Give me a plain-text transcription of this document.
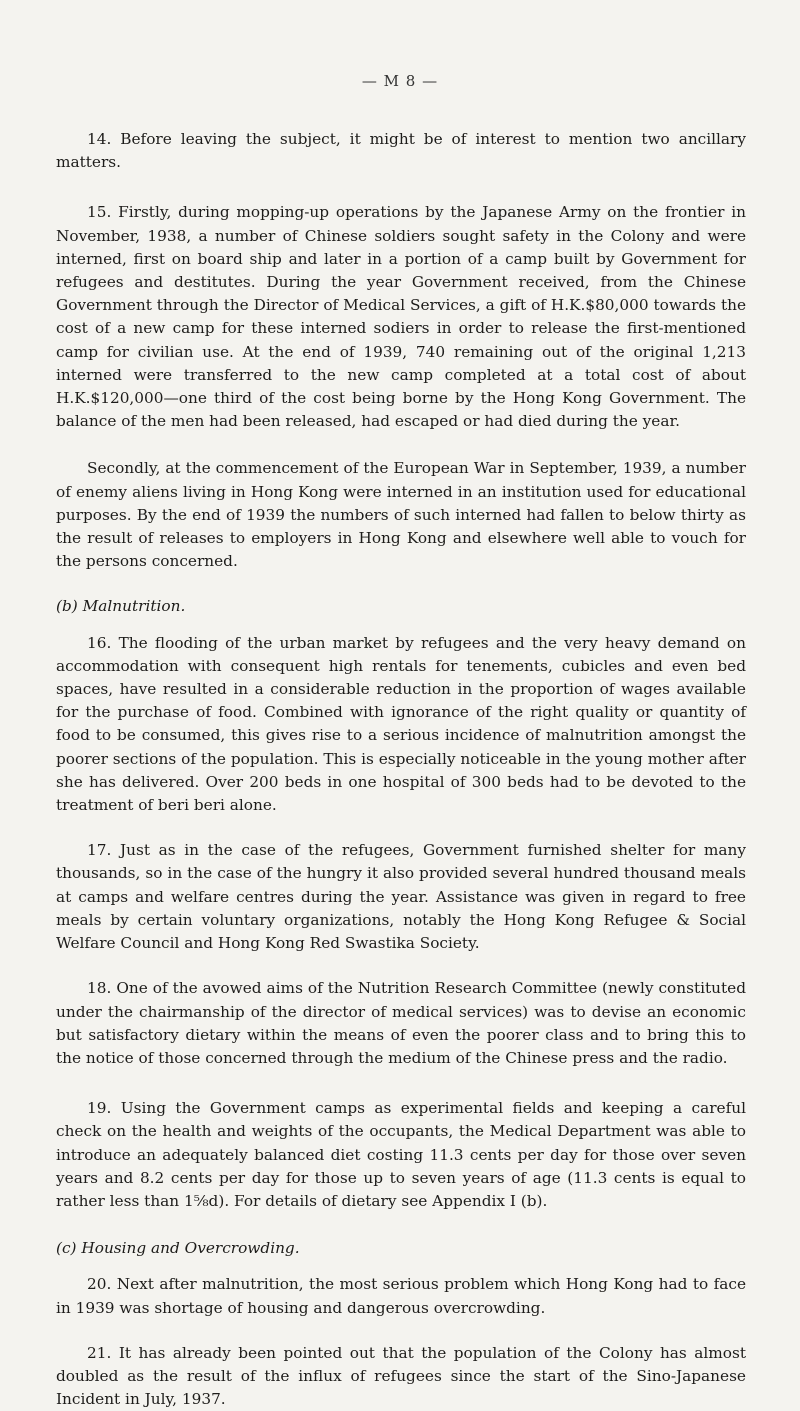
— M 8 —

14. Before leaving the subject, it might be of interest to mention two ancillary matters.

15. Firstly, during mopping-up operations by the Japanese Army on the frontier in November, 1938, a number of Chinese soldiers sought safety in the Colony and were interned, first on board ship and later in a portion of a camp built by Government for refugees and destitutes. During the year Government received, from the Chinese Government through the Director of Medical Services, a gift of H.K.$80,000 towards the cost of a new camp for these interned sodiers in order to release the first-mentioned camp for civilian use. At the end of 1939, 740 remaining out of the original 1,213 interned were transferred to the new camp completed at a total cost of about H.K.$120,000—one third of the cost being borne by the Hong Kong Government. The balance of the men had been released, had escaped or had died during the year.

Secondly, at the commencement of the European War in September, 1939, a number of enemy aliens living in Hong Kong were interned in an institution used for educational purposes. By the end of 1939 the numbers of such interned had fallen to below thirty as the result of releases to employers in Hong Kong and elsewhere well able to vouch for the persons concerned.

(b) Malnutrition.

16. The flooding of the urban market by refugees and the very heavy demand on accommodation with consequent high rentals for tenements, cubicles and even bed spaces, have resulted in a considerable reduction in the proportion of wages available for the purchase of food. Combined with ignorance of the right quality or quantity of food to be consumed, this gives rise to a serious incidence of malnutrition amongst the poorer sections of the population. This is especially noticeable in the young mother after she has delivered. Over 200 beds in one hospital of 300 beds had to be devoted to the treatment of beri beri alone.

17. Just as in the case of the refugees, Government furnished shelter for many thousands, so in the case of the hungry it also provided several hundred thousand meals at camps and welfare centres during the year. Assistance was given in regard to free meals by certain voluntary organizations, notably the Hong Kong Refugee & Social Welfare Council and Hong Kong Red Swastika Society.

18. One of the avowed aims of the Nutrition Research Committee (newly constituted under the chairmanship of the director of medical services) was to devise an economic but satisfactory dietary within the means of even the poorer class and to bring this to the notice of those concerned through the medium of the Chinese press and the radio.

19. Using the Government camps as experimental fields and keeping a careful check on the health and weights of the occupants, the Medical Department was able to introduce an adequately balanced diet costing 11.3 cents per day for those over seven years and 8.2 cents per day for those up to seven years of age (11.3 cents is equal to rather less than 1⅝d). For details of dietary see Appendix I (b).

(c) Housing and Overcrowding.

20. Next after malnutrition, the most serious problem which Hong Kong had to face in 1939 was shortage of housing and dangerous overcrowding.

21. It has already been pointed out that the population of the Colony has almost doubled as the result of the influx of refugees since the start of the Sino-Japanese Incident in July, 1937.
